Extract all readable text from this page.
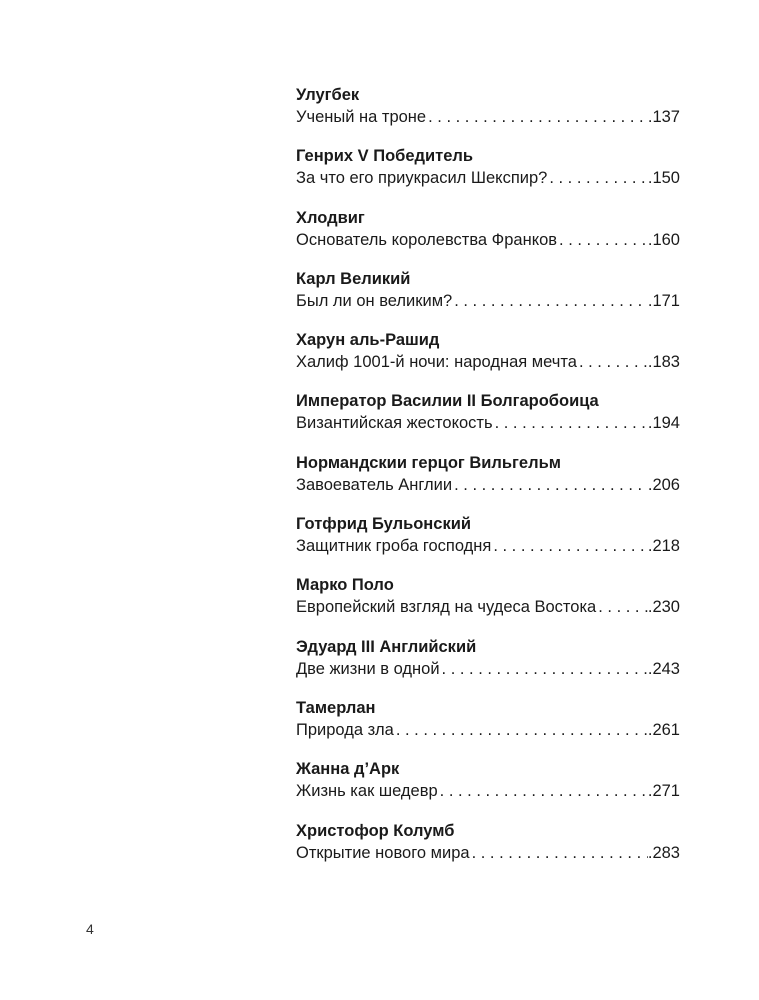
Улугбек
Ученый на троне . . .	.137
Генрих V Победитель
За что его приукрасил Шекспир? . . .	.150
Хлодвиг
Основатель королевства Франков . . .	.160
Карл Великий
Был ли он великим? . . .	.171
Харун аль-Рашид
Халиф 1001-й ночи: народная мечта . . .	.183
Император Василии II Болгаробоица
Византийская жестокость . . .	.194
Нормандскии герцог Вильгельм
Завоеватель Англии . . .	.206
Готфрид Бульонский
Защитник гроба господня . . .	.218
Марко Поло
Европейский взгляд на чудеса Востока . . .	.230
Эдуард III Английский
Две жизни в одной . . .	.243
Тамерлан
Природа зла . . .	.261
Жанна д’Арк
Жизнь как шедевр . . .	.271
Христофор Колумб
Открытие нового мира . . .	.283
4
